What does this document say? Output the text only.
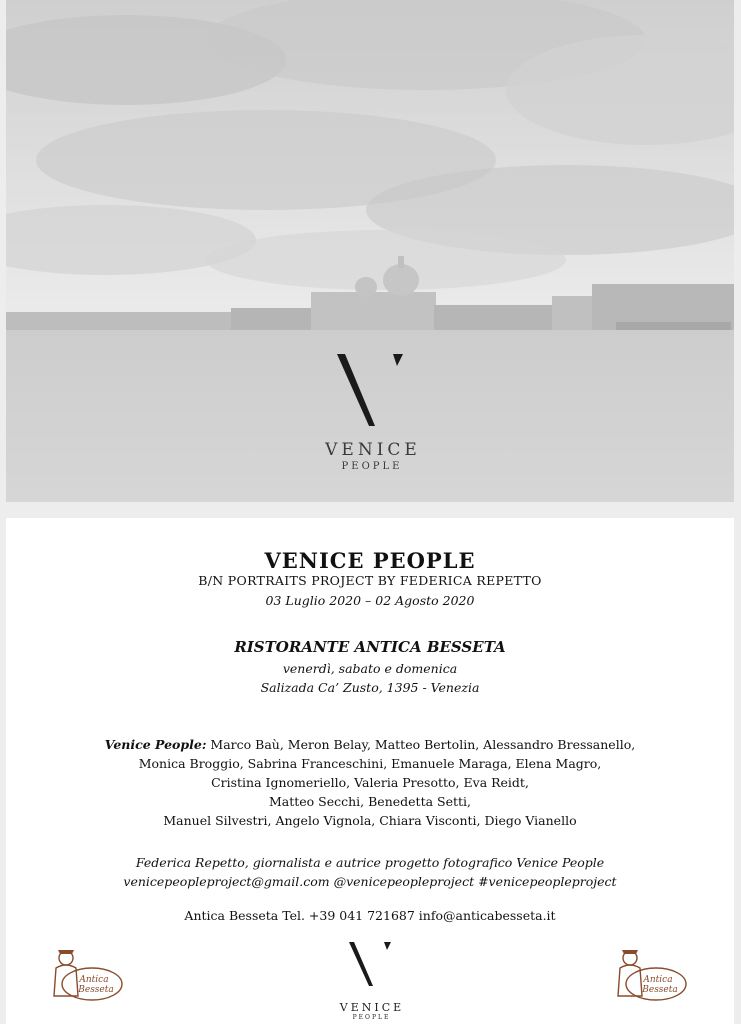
VENICE
PEOPLE
VENICE PEOPLE
B/N PORTRAITS PROJECT BY FEDERICA REPETTO
03 Luglio 2020 – 02 Agosto 2020
RISTORANTE ANTICA BESSETA
venerdì, sabato e domenica
Salizada Ca’ Zusto, 1395 - Venezia
Venice People: Marco Baù, Meron Belay, Matteo Bertolin, Alessandro Bressanello,
Monica Broggio, Sabrina Franceschini, Emanuele Maraga, Elena Magro,
Cristina Ignomeriello, Valeria Presotto, Eva Reidt,
Matteo Secchi, Benedetta Setti,
Manuel Silvestri, Angelo Vignola, Chiara Visconti, Diego Vianello
Federica Repetto, giornalista e autrice progetto fotografico Venice People
venicepeopleproject@gmail.com @venicepeopleproject #venicepeopleproject
Antica Besseta Tel. +39 041 721687 info@anticabesseta.it
Antica
Besseta
VENICE
PEOPLE
Antica
Besseta
